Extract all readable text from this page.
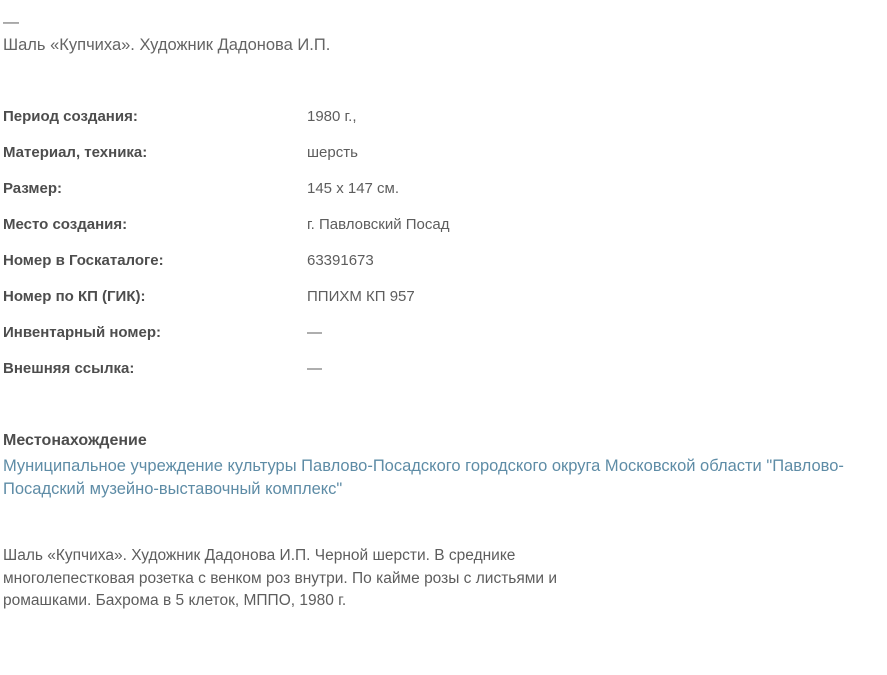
—
Шаль «Купчиха». Художник Дадонова И.П.
Период создания:	1980 г.,
Материал, техника:	шерсть
Размер:	145 x 147 см.
Место создания:	г. Павловский Посад
Номер в Госкаталоге:	63391673
Номер по КП (ГИК):	ППИХМ КП 957
Инвентарный номер:	—
Внешняя ссылка:	—
Местонахождение
Муниципальное учреждение культуры Павлово-Посадского городского округа Московской области "Павлово-Посадский музейно-выставочный комплекс"
Шаль «Купчиха». Художник Дадонова И.П. Черной шерсти. В среднике многолепестковая розетка с венком роз внутри. По кайме розы с листьями и ромашками. Бахрома в 5 клеток, МППО, 1980 г.
